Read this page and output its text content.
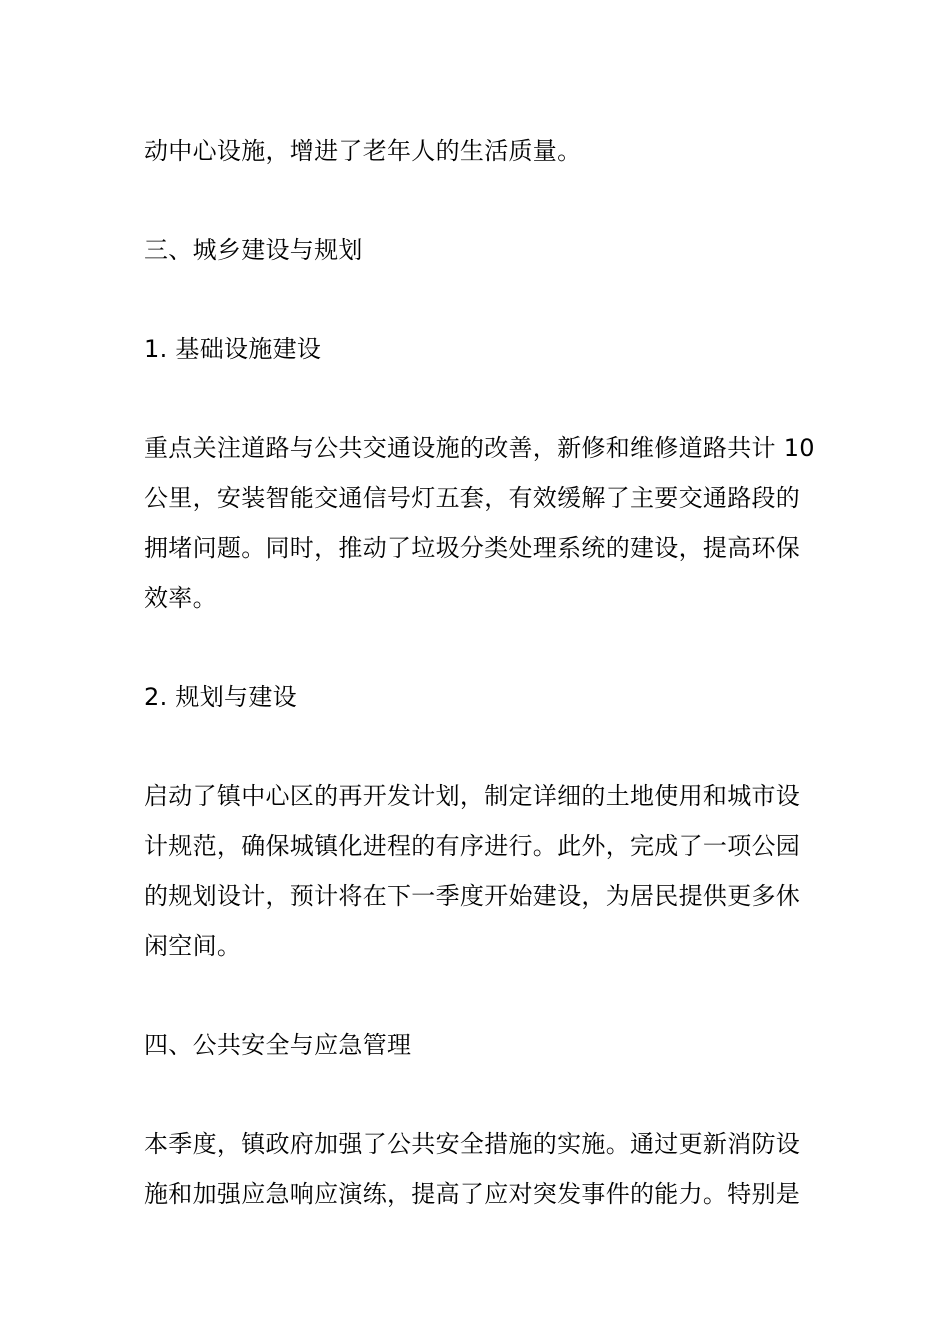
动中心设施，增进了老年人的生活质量。

三、城乡建设与规划

1. 基础设施建设

重点关注道路与公共交通设施的改善，新修和维修道路共计 10
公里，安装智能交通信号灯五套，有效缓解了主要交通路段的
拥堵问题。同时，推动了垃圾分类处理系统的建设，提高环保
效率。

2. 规划与建设

启动了镇中心区的再开发计划，制定详细的土地使用和城市设
计规范，确保城镇化进程的有序进行。此外，完成了一项公园
的规划设计，预计将在下一季度开始建设，为居民提供更多休
闲空间。

四、公共安全与应急管理

本季度，镇政府加强了公共安全措施的实施。通过更新消防设
施和加强应急响应演练，提高了应对突发事件的能力。特别是
